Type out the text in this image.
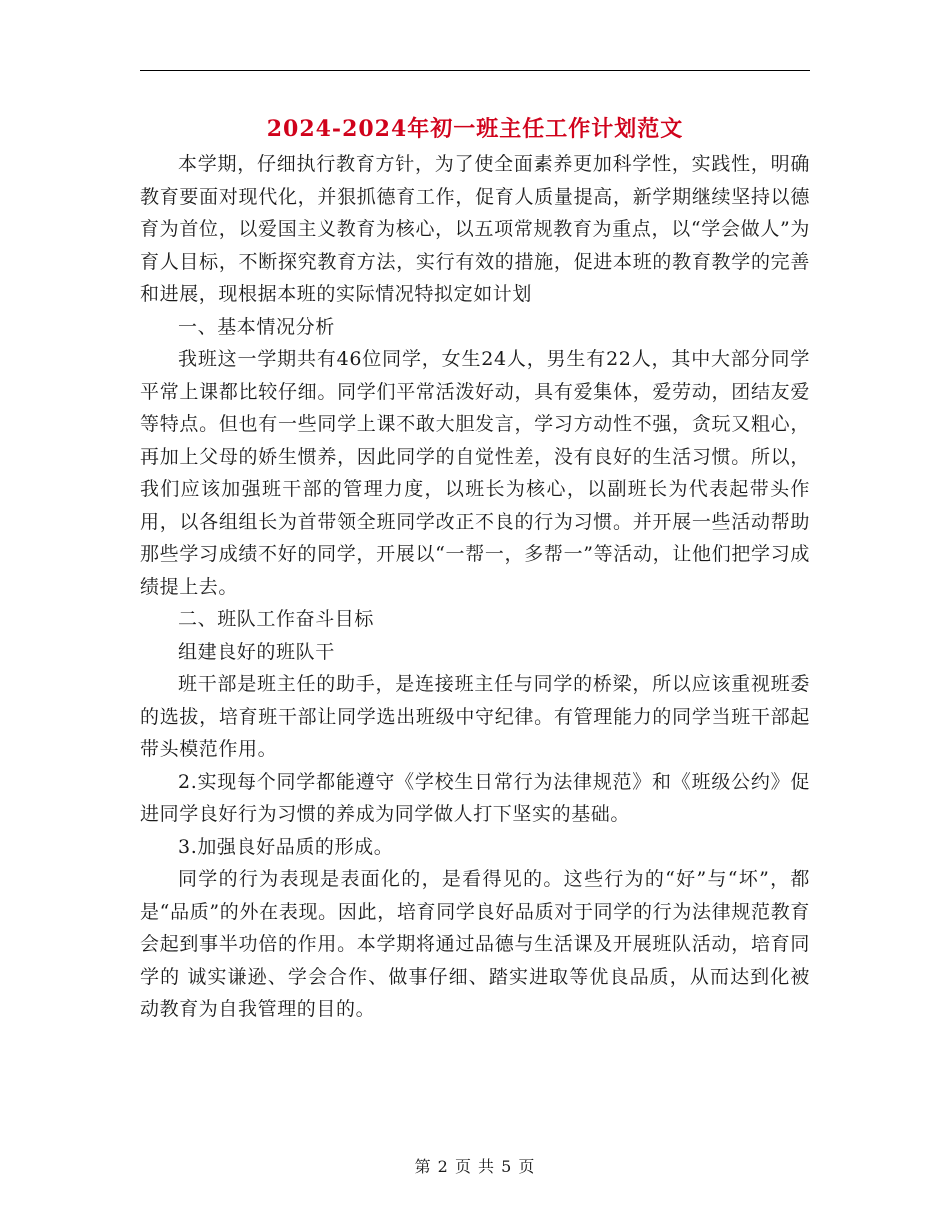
2024-2024年初一班主任工作计划范文

本学期，仔细执行教育方针，为了使全面素养更加科学性，实践性，明确教育要面对现代化，并狠抓德育工作，促育人质量提高，新学期继续坚持以德育为首位，以爱国主义教育为核心，以五项常规教育为重点，以“学会做人”为育人目标，不断探究教育方法，实行有效的措施，促进本班的教育教学的完善和进展，现根据本班的实际情况特拟定如计划

一、基本情况分析

我班这一学期共有46位同学，女生24人，男生有22人，其中大部分同学平常上课都比较仔细。同学们平常活泼好动，具有爱集体，爱劳动，团结友爱等特点。但也有一些同学上课不敢大胆发言，学习方动性不强，贪玩又粗心，再加上父母的娇生惯养，因此同学的自觉性差，没有良好的生活习惯。所以，我们应该加强班干部的管理力度，以班长为核心，以副班长为代表起带头作用，以各组组长为首带领全班同学改正不良的行为习惯。并开展一些活动帮助那些学习成绩不好的同学，开展以“一帮一，多帮一”等活动，让他们把学习成绩提上去。

二、班队工作奋斗目标

组建良好的班队干

班干部是班主任的助手，是连接班主任与同学的桥梁，所以应该重视班委的选拔，培育班干部让同学选出班级中守纪律。有管理能力的同学当班干部起带头模范作用。

2.实现每个同学都能遵守《学校生日常行为法律规范》和《班级公约》促进同学良好行为习惯的养成为同学做人打下坚实的基础。

3.加强良好品质的形成。

同学的行为表现是表面化的，是看得见的。这些行为的“好”与“坏”，都是“品质”的外在表现。因此，培育同学良好品质对于同学的行为法律规范教育会起到事半功倍的作用。本学期将通过品德与生活课及开展班队活动，培育同学的 诚实谦逊、学会合作、做事仔细、踏实进取等优良品质，从而达到化被动教育为自我管理的目的。

第 2 页 共 5 页
